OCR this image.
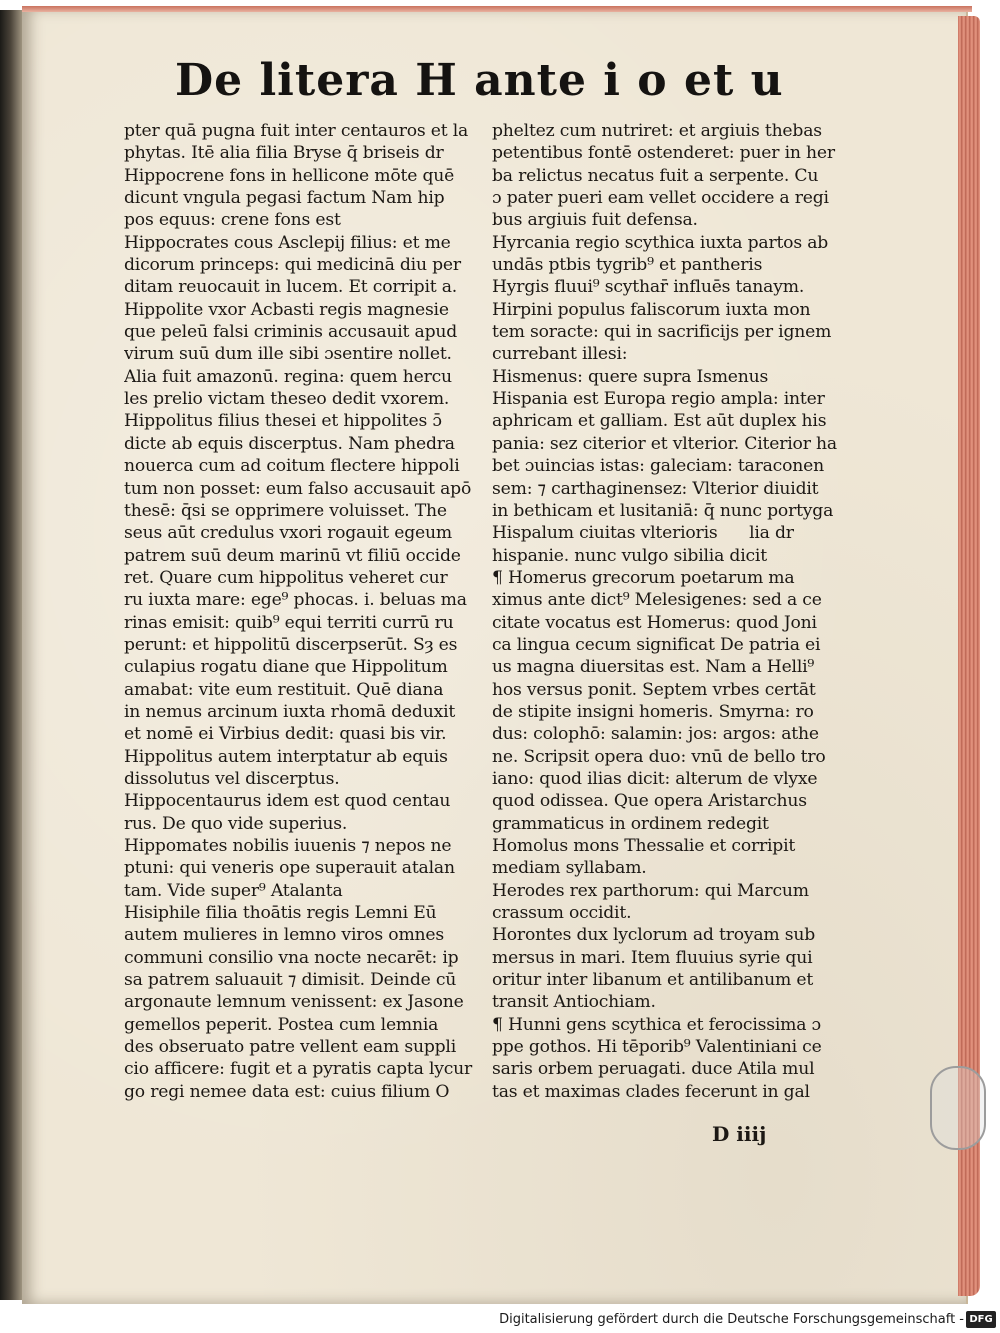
De litera H ante i o et u
pter quā pugna fuit inter centauros et la
phytas. Itē alia filia Bryse q̄ briseis dr
Hippocrene fons in hellicone mōte quē
dicunt vngula pegasi factum Nam hip
pos equus: crene fons est
Hippocrates cous Asclepij filius: et me
dicorum princeps: qui medicinā diu per
ditam reuocauit in lucem. Et corripit a.
Hippolite vxor Acbasti regis magnesie
que peleū falsi criminis accusauit apud
virum suū dum ille sibi ɔsentire nollet.
Alia fuit amazonū. regina: quem hercu
les prelio victam theseo dedit vxorem.
Hippolitus filius thesei et hippolites ɔ̄
dicte ab equis discerptus. Nam phedra
nouerca cum ad coitum flectere hippoli
tum non posset: eum falso accusauit apō
thesē: q̄si se opprimere voluisset. The
seus aūt credulus vxori rogauit egeum
patrem suū deum marinū vt filiū occide
ret. Quare cum hippolitus veheret cur
ru iuxta mare: ege⁹ phocas. i. beluas ma
rinas emisit: quib⁹ equi territi currū ru
perunt: et hippolitū discerpserūt. Sȝ es
culapius rogatu diane que Hippolitum
amabat: vite eum restituit. Quē diana
in nemus arcinum iuxta rhomā deduxit
et nomē ei Virbius dedit: quasi bis vir.
Hippolitus autem interptatur ab equis
dissolutus vel discerptus.
Hippocentaurus idem est quod centau
rus. De quo vide superius.
Hippomates nobilis iuuenis ⁊ nepos ne
ptuni: qui veneris ope superauit atalan
tam. Vide super⁹ Atalanta
Hisiphile filia thoātis regis Lemni Eū
autem mulieres in lemno viros omnes
communi consilio vna nocte necarēt: ip
sa patrem saluauit ⁊ dimisit. Deinde cū
argonaute lemnum venissent: ex Jasone
gemellos peperit. Postea cum lemnia
des obseruato patre vellent eam suppli
cio afficere: fugit et a pyratis capta lycur
go regi nemee data est: cuius filium O
pheltez cum nutriret: et argiuis thebas
petentibus fontē ostenderet: puer in her
ba relictus necatus fuit a serpente. Cu
ɔ pater pueri eam vellet occidere a regi
bus argiuis fuit defensa.
Hyrcania regio scythica iuxta partos ab
undās ptbis tygrib⁹ et pantheris
Hyrgis fluui⁹ scythar̄ influēs tanaym.
Hirpini populus faliscorum iuxta mon
tem soracte: qui in sacrificijs per ignem
currebant illesi:
Hismenus: quere supra Ismenus
Hispania est Europa regio ampla: inter
aphricam et galliam. Est aūt duplex his
pania: sez citerior et vlterior. Citerior ha
bet ɔuincias istas: galeciam: taraconen
sem: ⁊ carthaginensez: Vlterior diuidit
in bethicam et lusitaniā: q̄ nunc portyga
Hispalum ciuitas vlterioris      lia dr
hispanie. nunc vulgo sibilia dicit
¶ Homerus grecorum poetarum ma
ximus ante dict⁹ Melesigenes: sed a ce
citate vocatus est Homerus: quod Joni
ca lingua cecum significat De patria ei
us magna diuersitas est. Nam a Helli⁹
hos versus ponit. Septem vrbes certāt
de stipite insigni homeris. Smyrna: ro
dus: colophō: salamin: jos: argos: athe
ne. Scripsit opera duo: vnū de bello tro
iano: quod ilias dicit: alterum de vlyxe
quod odissea. Que opera Aristarchus
grammaticus in ordinem redegit
Homolus mons Thessalie et corripit
mediam syllabam.
Herodes rex parthorum: qui Marcum
crassum occidit.
Horontes dux lyclorum ad troyam sub
mersus in mari. Item fluuius syrie qui
oritur inter libanum et antilibanum et
transit Antiochiam.
¶ Hunni gens scythica et ferocissima ɔ
ppe gothos. Hi tēporib⁹ Valentiniani ce
saris orbem peruagati. duce Atila mul
tas et maximas clades fecerunt in gal
D iiij
Digitalisierung gefördert durch die Deutsche Forschungsgemeinschaft - DFG
